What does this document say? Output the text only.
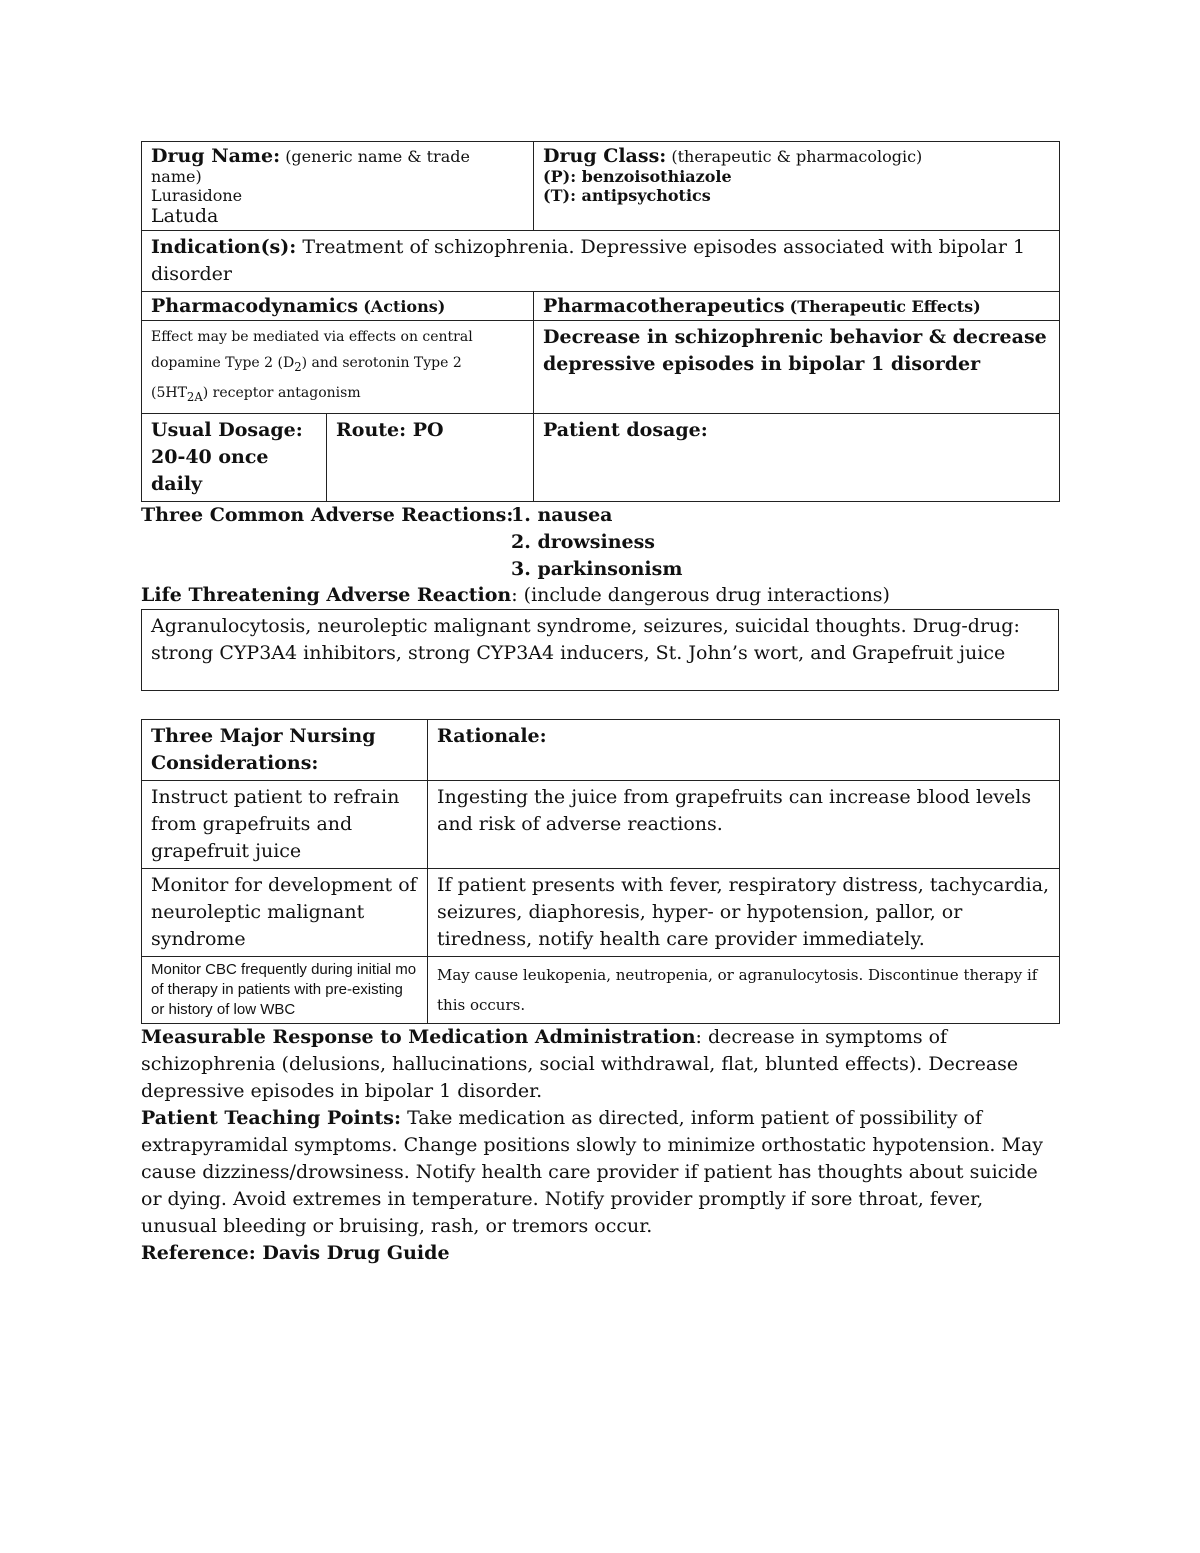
Drug Name: (generic name & trade name)
Lurasidone
Latuda		Drug Class: (therapeutic & pharmacologic)
(P): benzoisothiazole
(T): antipsychotics

Indication(s): Treatment of schizophrenia. Depressive episodes associated with bipolar 1 disorder		
Pharmacodynamics (Actions)		Pharmacotherapeutics (Therapeutic Effects)

Effect may be mediated via effects on central
dopamine Type 2 $(D_2)$ and serotonin Type 2
$(5HT_{2A})$ receptor antagonism		Decrease in schizophrenic behavior & decrease depressive episodes in bipolar 1 disorder

Usual Dosage:
20-40 once daily	Route: PO	Patient dosage:
Three Common Adverse Reactions:
1. nausea
2. drowsiness
3. parkinsonism
Life Threatening Adverse Reaction: (include dangerous drug interactions)
Agranulocytosis, neuroleptic malignant syndrome, seizures, suicidal thoughts. Drug-drug: strong CYP3A4 inhibitors, strong CYP3A4 inducers, St. John’s wort, and Grapefruit juice
Three Major Nursing Considerations:	Rationale:
Instruct patient to refrain from grapefruits and grapefruit juice	Ingesting the juice from grapefruits can increase blood levels and risk of adverse reactions.
Monitor for development of neuroleptic malignant syndrome	If patient presents with fever, respiratory distress, tachycardia, seizures, diaphoresis, hyper- or hypotension, pallor, or tiredness, notify health care provider immediately.
Monitor CBC frequently during initial mo of therapy in patients with pre-existing or history of low WBC	May cause leukopenia, neutropenia, or agranulocytosis. Discontinue therapy if this occurs.
Measurable Response to Medication Administration: decrease in symptoms of schizophrenia (delusions, hallucinations, social withdrawal, flat, blunted effects). Decrease depressive episodes in bipolar 1 disorder.
Patient Teaching Points: Take medication as directed, inform patient of possibility of extrapyramidal symptoms. Change positions slowly to minimize orthostatic hypotension. May cause dizziness/drowsiness. Notify health care provider if patient has thoughts about suicide or dying. Avoid extremes in temperature. Notify provider promptly if sore throat, fever, unusual bleeding or bruising, rash, or tremors occur.
Reference: Davis Drug Guide
